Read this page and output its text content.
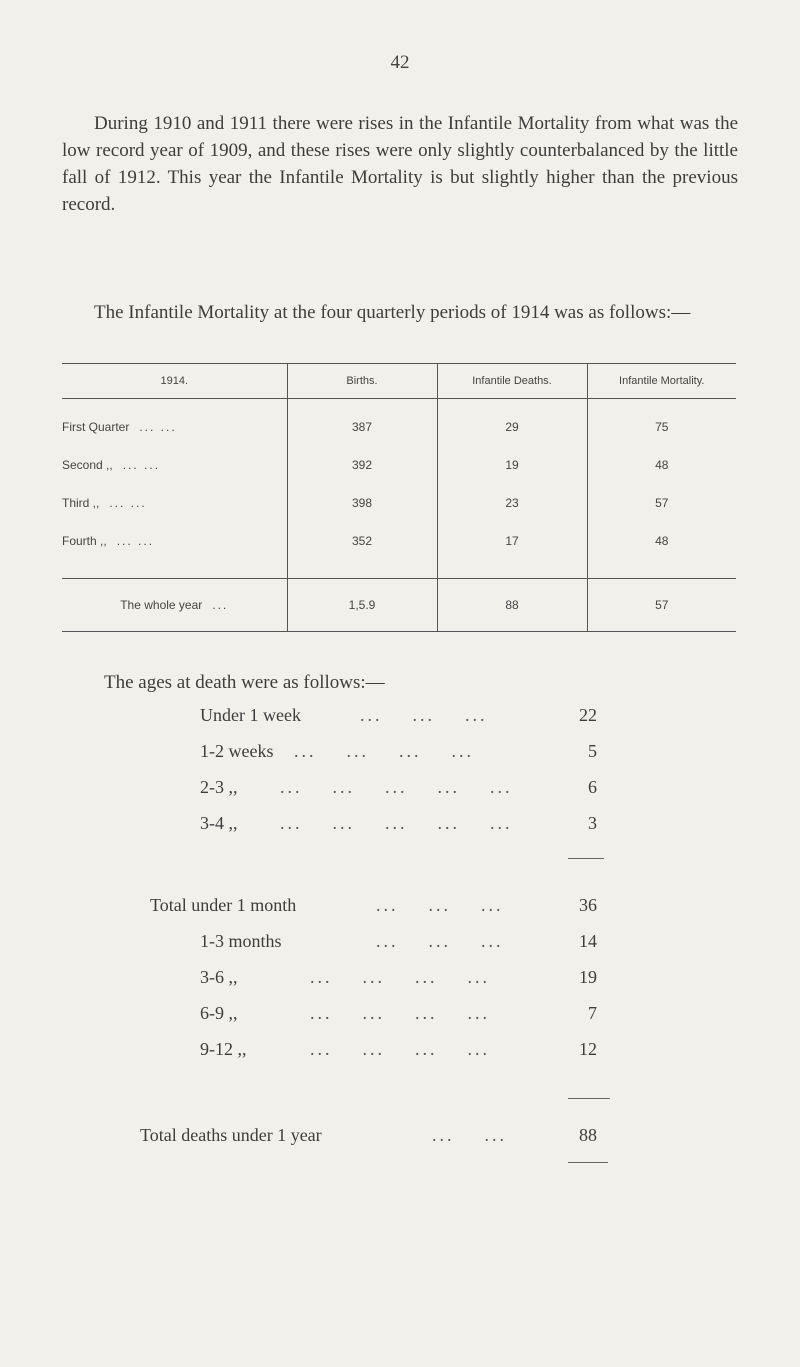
42

During 1910 and 1911 there were rises in the Infantile Mortality from what was the low record year of 1909, and these rises were only slightly counterbalanced by the little fall of 1912. This year the Infantile Mortality is but slightly higher than the previous record.

The Infantile Mortality at the four quarterly periods of 1914 was as follows:—

1914.	Births.	Infantile Deaths.	Infantile Mortality.
First Quarter ... ...	387	29	75
Second ,, ... ...	392	19	48
Third ,, ... ...	398	23	57
Fourth ,, ... ...	352	17	48

The whole year ...	1,5.9	88	57

The ages at death were as follows:—

...    ...    ...
Under 1 week	22
...    ...    ...    ...
1-2 weeks	5
...    ...    ...    ...    ...
2-3 ,,	6
...    ...    ...    ...    ...
3-4 ,,	3
...    ...    ...
Total under 1 month	36
...    ...    ...
1-3 months	14
...    ...    ...    ...
3-6 ,,	19
...    ...    ...    ...
6-9 ,,	7
...    ...    ...    ...
9-12 ,,	12
...    ...
Total deaths under 1 year	88
